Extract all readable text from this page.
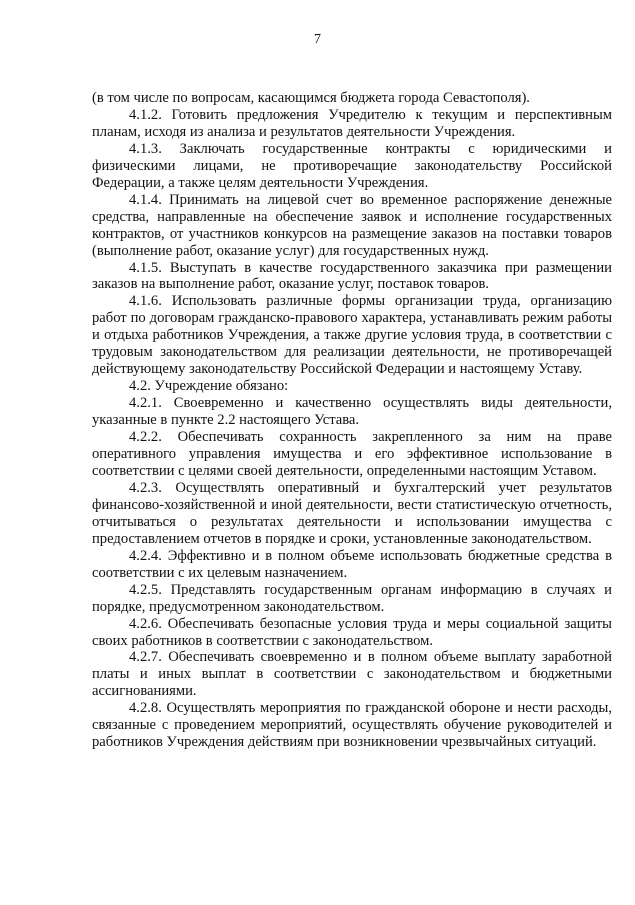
7

(в том числе по вопросам, касающимся бюджета города Севастополя).

4.1.2. Готовить предложения Учредителю к текущим и перспективным планам, исходя из анализа и результатов деятельности Учреждения.

4.1.3. Заключать государственные контракты с юридическими и физическими лицами, не противоречащие законодательству Российской Федерации, а также целям деятельности Учреждения.

4.1.4. Принимать на лицевой счет во временное распоряжение денежные средства, направленные на обеспечение заявок и исполнение государственных контрактов, от участников конкурсов на размещение заказов на поставки товаров (выполнение работ, оказание услуг) для государственных нужд.

4.1.5. Выступать в качестве государственного заказчика при размещении заказов на выполнение работ, оказание услуг, поставок товаров.

4.1.6. Использовать различные формы организации труда, организацию работ по договорам гражданско-правового характера, устанавливать режим работы и отдыха работников Учреждения, а также другие условия труда, в соответствии с трудовым законодательством для реализации деятельности, не противоречащей действующему законодательству Российской Федерации и настоящему Уставу.

4.2. Учреждение обязано:

4.2.1. Своевременно и качественно осуществлять виды деятельности, указанные в пункте 2.2 настоящего Устава.

4.2.2. Обеспечивать сохранность закрепленного за ним на праве оперативного управления имущества и его эффективное использование в соответствии с целями своей деятельности, определенными настоящим Уставом.

4.2.3. Осуществлять оперативный и бухгалтерский учет результатов финансово-хозяйственной и иной деятельности, вести статистическую отчетность, отчитываться о результатах деятельности и использовании имущества с предоставлением отчетов в порядке и сроки, установленные законодательством.

4.2.4. Эффективно и в полном объеме использовать бюджетные средства в соответствии с их целевым назначением.

4.2.5. Представлять государственным органам информацию в случаях и порядке, предусмотренном законодательством.

4.2.6. Обеспечивать безопасные условия труда и меры социальной защиты своих работников в соответствии с законодательством.

4.2.7. Обеспечивать своевременно и в полном объеме выплату заработной платы и иных выплат в соответствии с законодательством и бюджетными ассигнованиями.

4.2.8. Осуществлять мероприятия по гражданской обороне и нести расходы, связанные с проведением мероприятий, осуществлять обучение руководителей и работников Учреждения действиям при возникновении чрезвычайных ситуаций.
